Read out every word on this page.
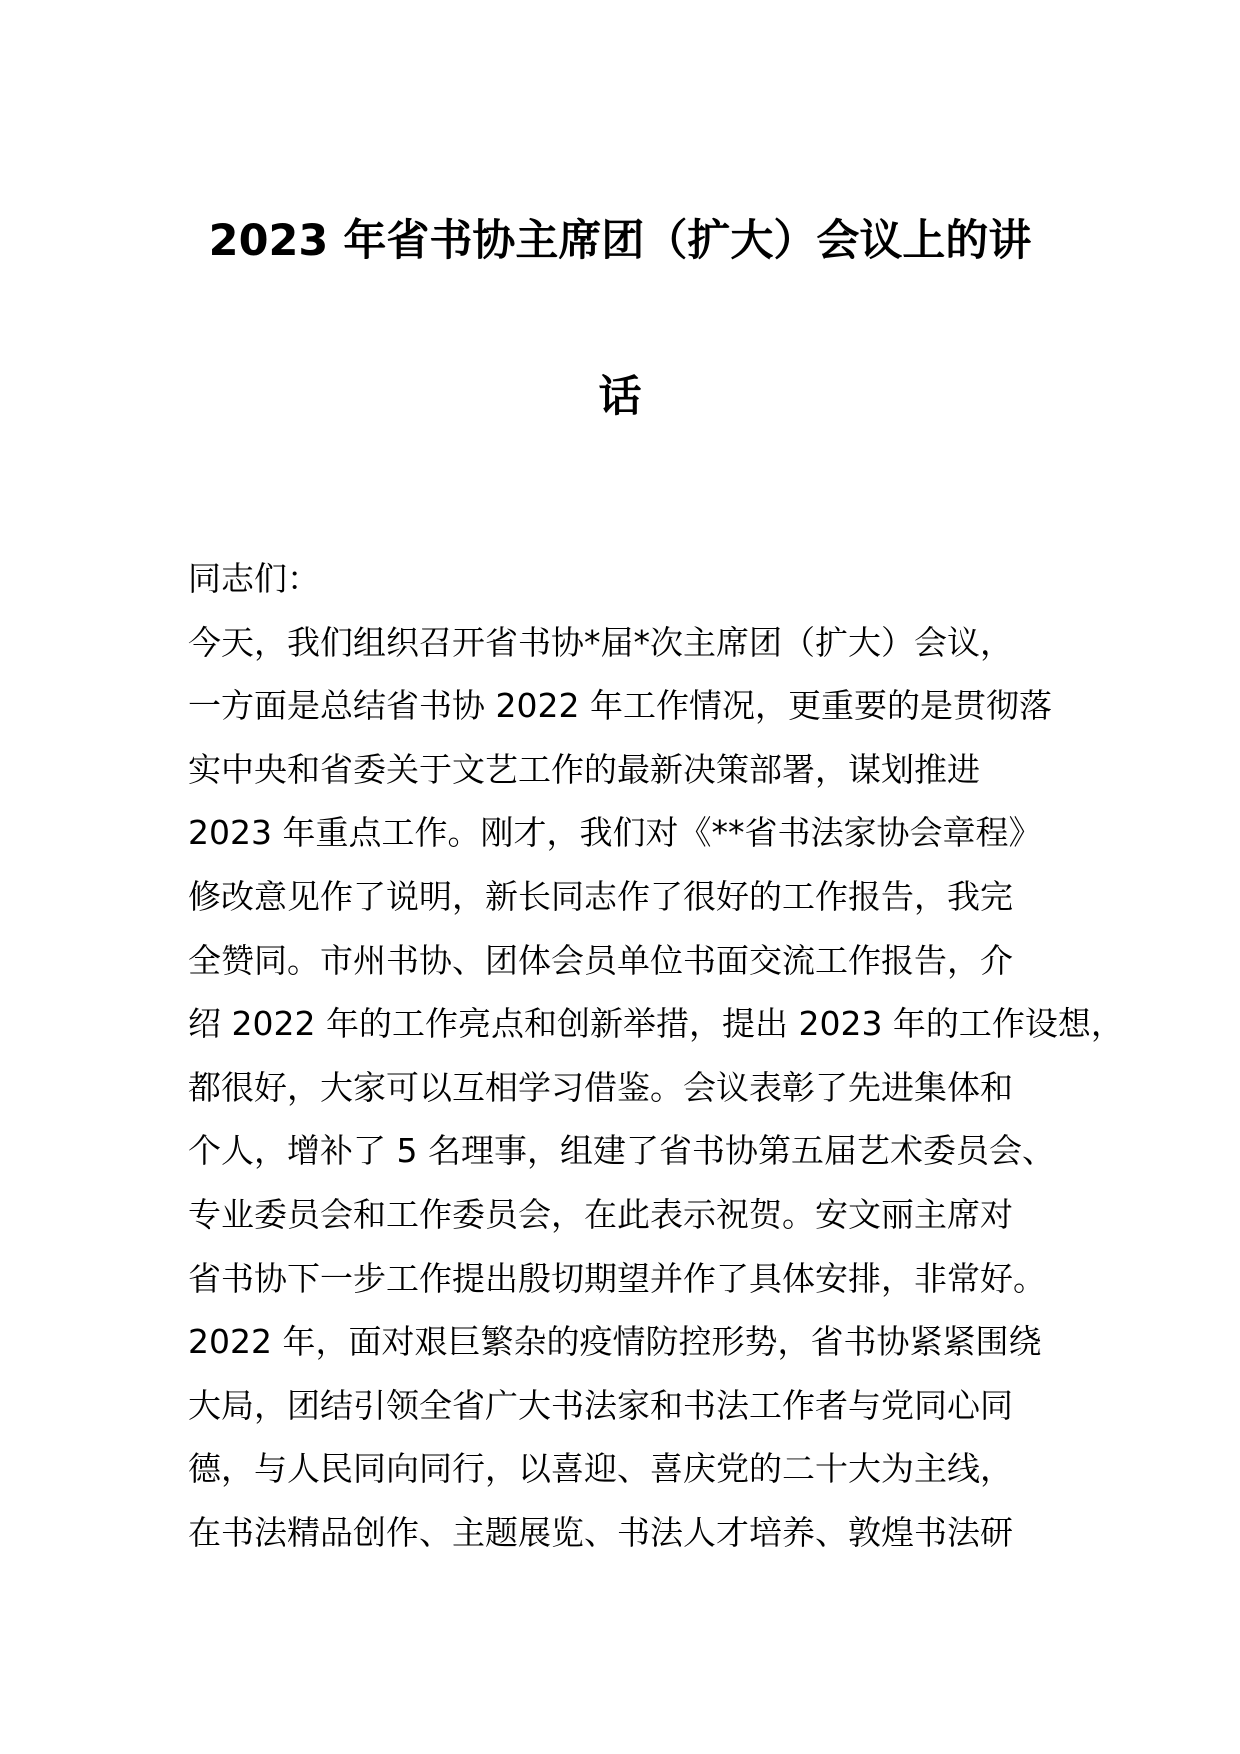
2023 年省书协主席团（扩大）会议上的讲
话
同志们：
今天，我们组织召开省书协*届*次主席团（扩大）会议，
一方面是总结省书协 2022 年工作情况，更重要的是贯彻落
实中央和省委关于文艺工作的最新决策部署，谋划推进
2023 年重点工作。刚才，我们对《**省书法家协会章程》
修改意见作了说明，新长同志作了很好的工作报告，我完
全赞同。市州书协、团体会员单位书面交流工作报告，介
绍 2022 年的工作亮点和创新举措，提出 2023 年的工作设想，
都很好，大家可以互相学习借鉴。会议表彰了先进集体和
个人，增补了 5 名理事，组建了省书协第五届艺术委员会、
专业委员会和工作委员会，在此表示祝贺。安文丽主席对
省书协下一步工作提出殷切期望并作了具体安排，非常好。
2022 年，面对艰巨繁杂的疫情防控形势，省书协紧紧围绕
大局，团结引领全省广大书法家和书法工作者与党同心同
德，与人民同向同行，以喜迎、喜庆党的二十大为主线，
在书法精品创作、主题展览、书法人才培养、敦煌书法研
